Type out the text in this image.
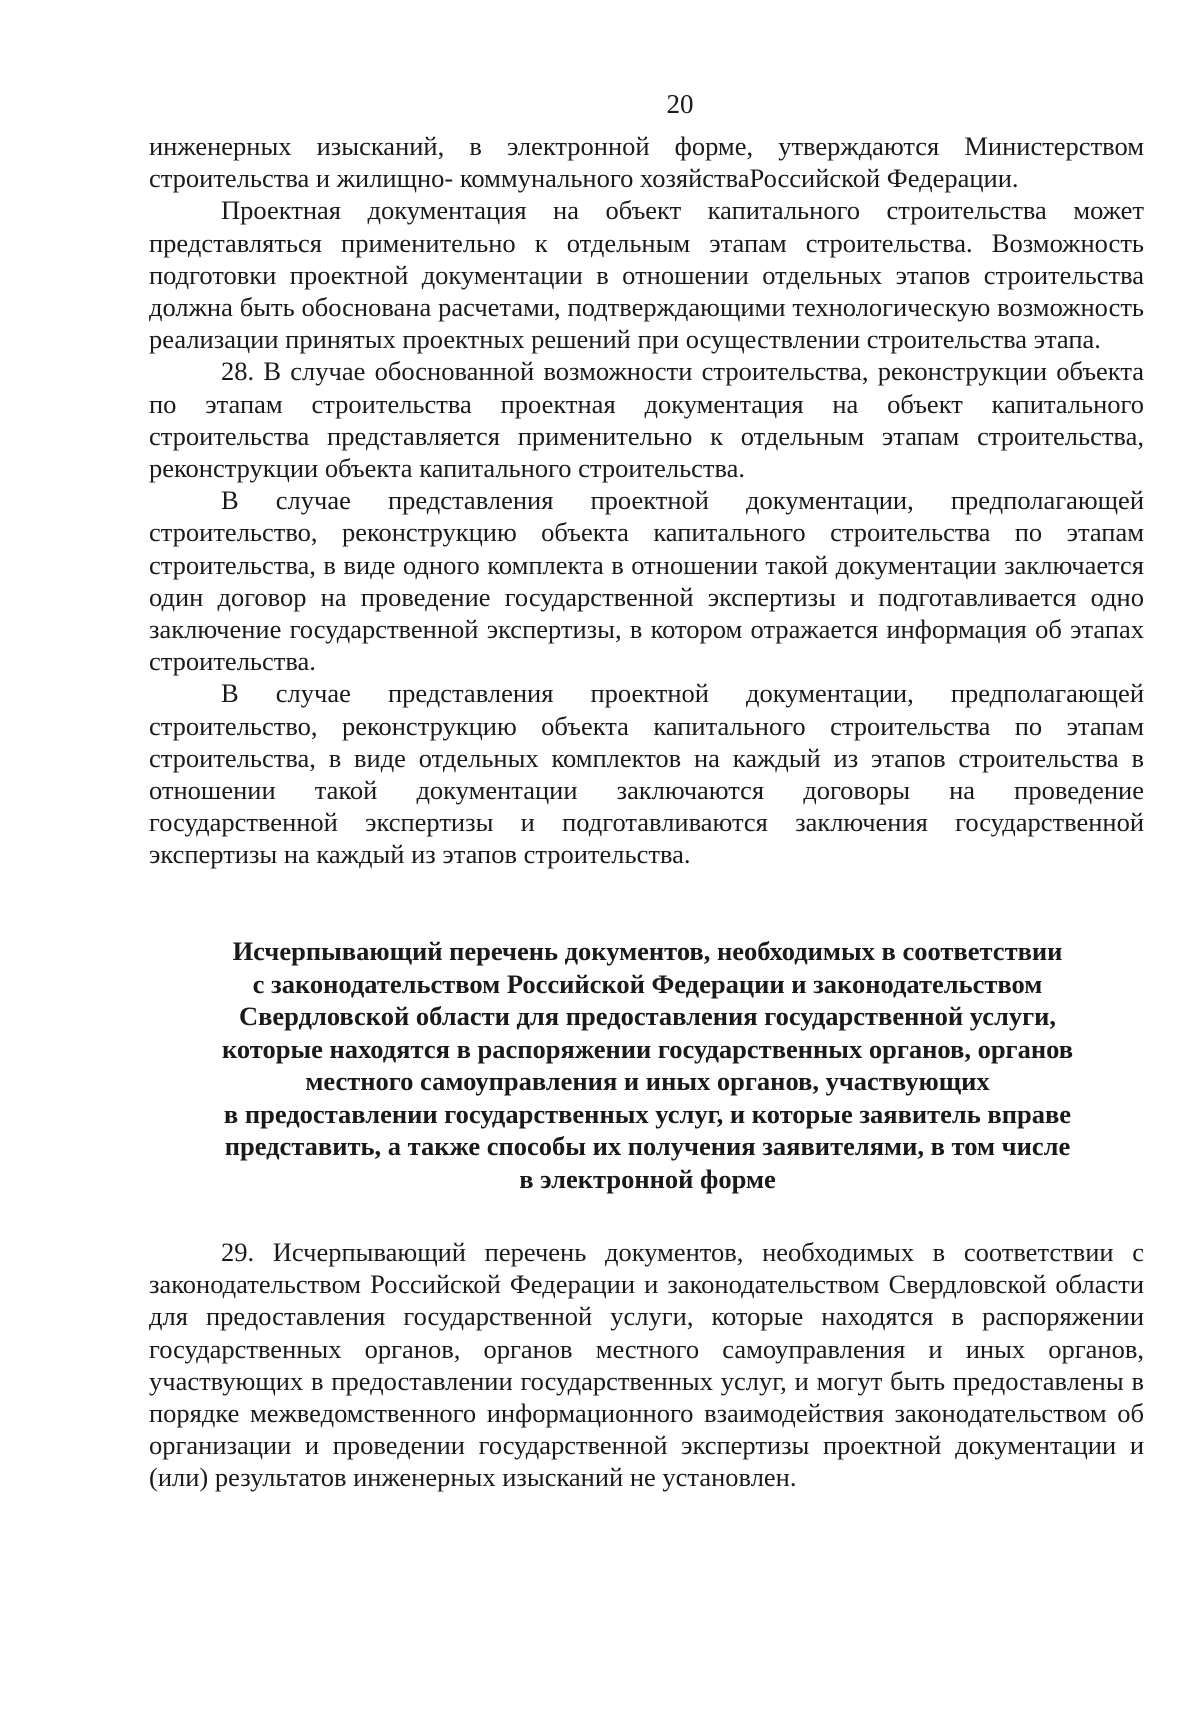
20

инженерных изысканий, в электронной форме, утверждаются Министерством строительства и жилищно- коммунального хозяйстваРоссийской Федерации.

Проектная документация на объект капитального строительства может представляться применительно к отдельным этапам строительства. Возможность подготовки проектной документации в отношении отдельных этапов строительства должна быть обоснована расчетами, подтверждающими технологическую возможность реализации принятых проектных решений при осуществлении строительства этапа.

28. В случае обоснованной возможности строительства, реконструкции объекта по этапам строительства проектная документация на объект капитального строительства представляется применительно к отдельным этапам строительства, реконструкции объекта капитального строительства.

В случае представления проектной документации, предполагающей строительство, реконструкцию объекта капитального строительства по этапам строительства, в виде одного комплекта в отношении такой документации заключается один договор на проведение государственной экспертизы и подготавливается одно заключение государственной экспертизы, в котором отражается информация об этапах строительства.

В случае представления проектной документации, предполагающей строительство, реконструкцию объекта капитального строительства по этапам строительства, в виде отдельных комплектов на каждый из этапов строительства в отношении такой документации заключаются договоры на проведение государственной экспертизы и подготавливаются заключения государственной экспертизы на каждый из этапов строительства.

Исчерпывающий перечень документов, необходимых в соответствии
с законодательством Российской Федерации и законодательством
Свердловской области для предоставления государственной услуги,
которые находятся в распоряжении государственных органов, органов
местного самоуправления и иных органов, участвующих
в предоставлении государственных услуг, и которые заявитель вправе
представить, а также способы их получения заявителями, в том числе
в электронной форме

29. Исчерпывающий перечень документов, необходимых в соответствии с законодательством Российской Федерации и законодательством Свердловской области для предоставления государственной услуги, которые находятся в распоряжении государственных органов, органов местного самоуправления и иных органов, участвующих в предоставлении государственных услуг, и могут быть предоставлены в порядке межведомственного информационного взаимодействия законодательством об организации и проведении государственной экспертизы проектной документации и (или) результатов инженерных изысканий не установлен.
